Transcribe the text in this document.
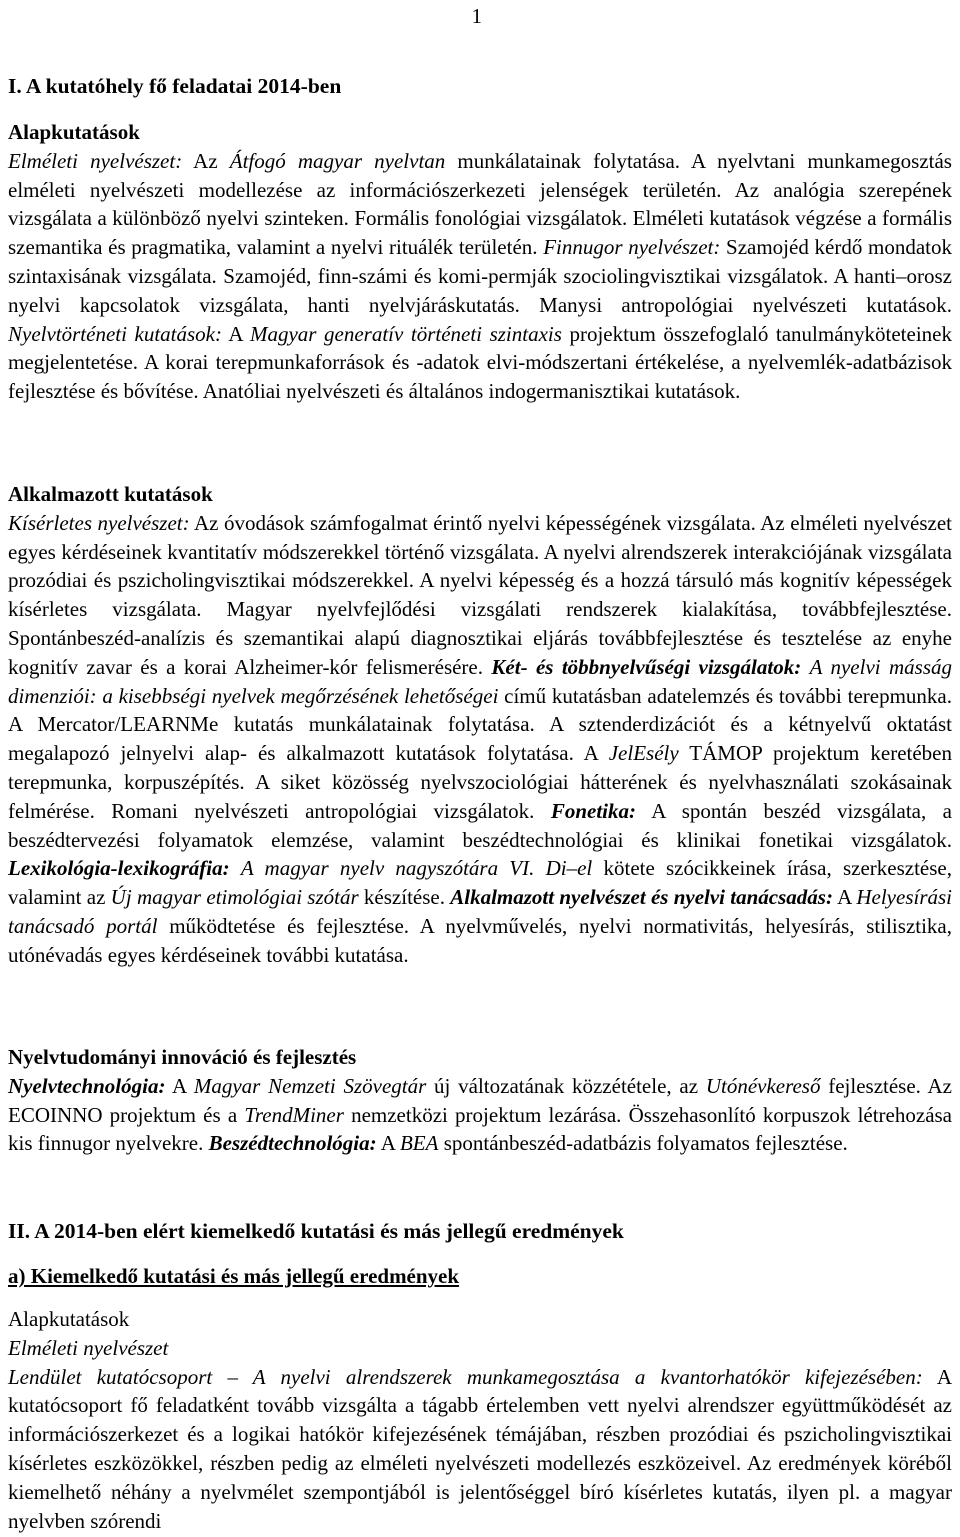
1
I. A kutatóhely fő feladatai 2014-ben
Alapkutatások

Elméleti nyelvészet: Az Átfogó magyar nyelvtan munkálatainak folytatása. A nyelvtani munkamegosztás elméleti nyelvészeti modellezése az információszerkezeti jelenségek területén. Az analógia szerepének vizsgálata a különböző nyelvi szinteken. Formális fonológiai vizsgálatok. Elméleti kutatások végzése a formális szemantika és pragmatika, valamint a nyelvi rituálék területén. Finnugor nyelvészet: Szamojéd kérdő mondatok szintaxisának vizsgálata. Szamojéd, finn-számi és komi-permják szociolingvisztikai vizsgálatok. A hanti–orosz nyelvi kapcsolatok vizsgálata, hanti nyelvjáráskutatás. Manysi antropológiai nyelvészeti kutatások. Nyelvtörténeti kutatások: A Magyar generatív történeti szintaxis projektum összefoglaló tanulmányköteteinek megjelentetése. A korai terepmunkaforrások és -adatok elvi-módszertani értékelése, a nyelvemlék-adatbázisok fejlesztése és bővítése. Anatóliai nyelvészeti és általános indogermanisztikai kutatások.

Alkalmazott kutatások

Kísérletes nyelvészet: Az óvodások számfogalmat érintő nyelvi képességének vizsgálata. Az elméleti nyelvészet egyes kérdéseinek kvantitatív módszerekkel történő vizsgálata. A nyelvi alrendszerek interakciójának vizsgálata prozódiai és pszicholingvisztikai módszerekkel. A nyelvi képesség és a hozzá társuló más kognitív képességek kísérletes vizsgálata. Magyar nyelvfejlődési vizsgálati rendszerek kialakítása, továbbfejlesztése. Spontánbeszéd-analízis és szemantikai alapú diagnosztikai eljárás továbbfejlesztése és tesztelése az enyhe kognitív zavar és a korai Alzheimer-kór felismerésére. Két- és többnyelvűségi vizsgálatok: A nyelvi másság dimenziói: a kisebbségi nyelvek megőrzésének lehetőségei című kutatásban adatelemzés és további terepmunka. A Mercator/LEARNMe kutatás munkálatainak folytatása. A sztenderdizációt és a kétnyelvű oktatást megalapozó jelnyelvi alap- és alkalmazott kutatások folytatása. A JelEsély TÁMOP projektum keretében terepmunka, korpuszépítés. A siket közösség nyelvszociológiai hátterének és nyelvhasználati szokásainak felmérése. Romani nyelvészeti antropológiai vizsgálatok. Fonetika: A spontán beszéd vizsgálata, a beszédtervezési folyamatok elemzése, valamint beszédtechnológiai és klinikai fonetikai vizsgálatok. Lexikológia-lexikográfia: A magyar nyelv nagyszótára VI. Di–el kötete szócikkeinek írása, szerkesztése, valamint az Új magyar etimológiai szótár készítése. Alkalmazott nyelvészet és nyelvi tanácsadás: A Helyesírási tanácsadó portál működtetése és fejlesztése. A nyelvművelés, nyelvi normativitás, helyesírás, stilisztika, utónévadás egyes kérdéseinek további kutatása.

Nyelvtudományi innováció és fejlesztés

Nyelvtechnológia: A Magyar Nemzeti Szövegtár új változatának közzététele, az Utónévkereső fejlesztése. Az ECOINNO projektum és a TrendMiner nemzetközi projektum lezárása. Összehasonlító korpuszok létrehozása kis finnugor nyelvekre. Beszédtechnológia: A BEA spontánbeszéd-adatbázis folyamatos fejlesztése.

II. A 2014-ben elért kiemelkedő kutatási és más jellegű eredmények
a) Kiemelkedő kutatási és más jellegű eredmények
Alapkutatások
Elméleti nyelvészet

Lendület kutatócsoport – A nyelvi alrendszerek munkamegosztása a kvantorhatókör kifejezésében: A kutatócsoport fő feladatként tovább vizsgálta a tágabb értelemben vett nyelvi alrendszer együttműködését az információszerkezet és a logikai hatókör kifejezésének témájában, részben prozódiai és pszicholingvisztikai kísérletes eszközökkel, részben pedig az elméleti nyelvészeti modellezés eszközeivel. Az eredmények köréből kiemelhető néhány a nyelvmélet szempontjából is jelentőséggel bíró kísérletes kutatás, ilyen pl. a magyar nyelvben szórendi
